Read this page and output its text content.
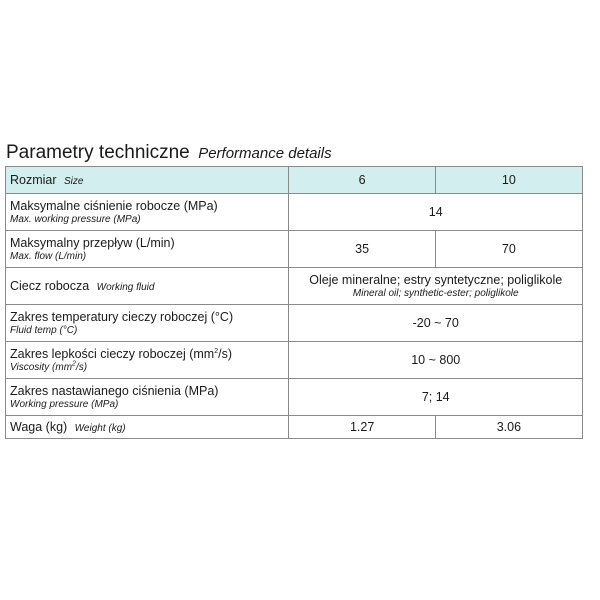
Parametry techniczne Performance details
Rozmiar Size	6	10

Maksymalne ciśnienie robocze (MPa)
Max. working pressure (MPa)	14	

Maksymalny przepływ (L/min)
Max. flow (L/min)	35	70
Ciecz robocza Working fluid	Oleje mineralne; estry syntetyczne; poliglikole
Mineral oil; synthetic-ester; poliglikole	

Zakres temperatury cieczy roboczej (°C)
Fluid temp (°C)	-20 ~ 70	

Zakres lepkości cieczy roboczej $(mm^2/s)$
Viscosity $(mm^2/s)$	10 ~ 800	

Zakres nastawianego ciśnienia (MPa)
Working pressure (MPa)	7; 14	
Waga (kg) Weight (kg)	1.27	3.06
